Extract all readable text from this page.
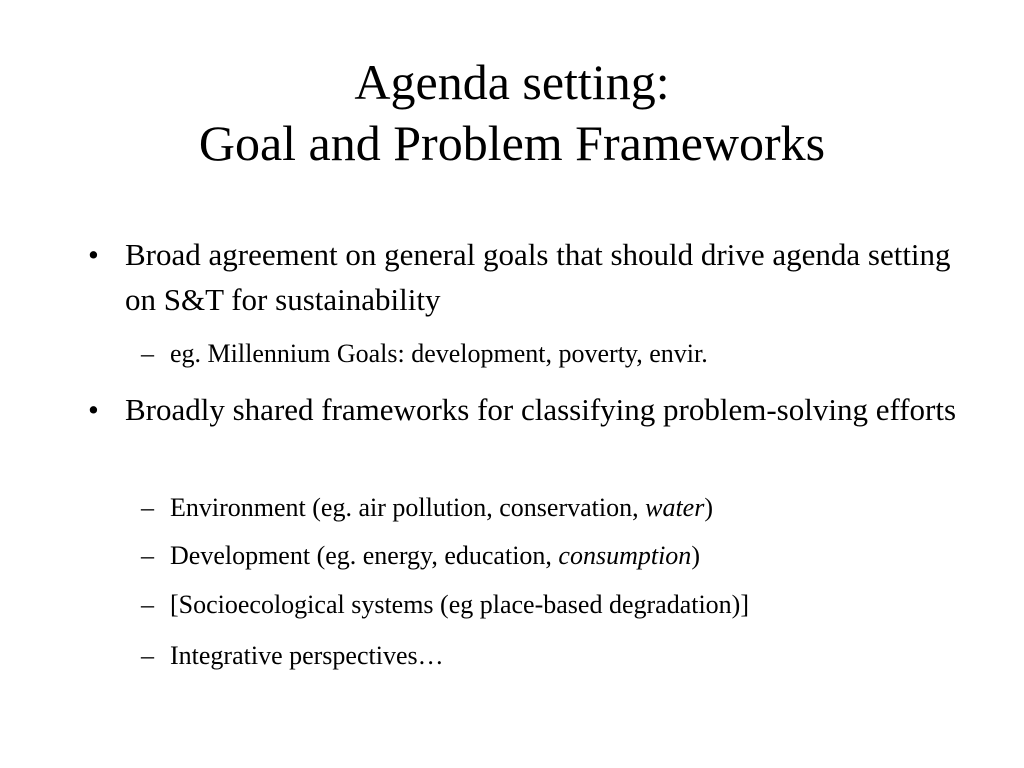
Agenda setting:
Goal and Problem Frameworks
• Broad agreement on general goals that should drive agenda setting on S&T for sustainability
– eg. Millennium Goals: development, poverty, envir.
• Broadly shared frameworks for classifying problem-solving efforts
– Environment (eg. air pollution, conservation, water)
– Development (eg. energy, education, consumption)
– [Socioecological systems (eg place-based degradation)]
– Integrative perspectives…
